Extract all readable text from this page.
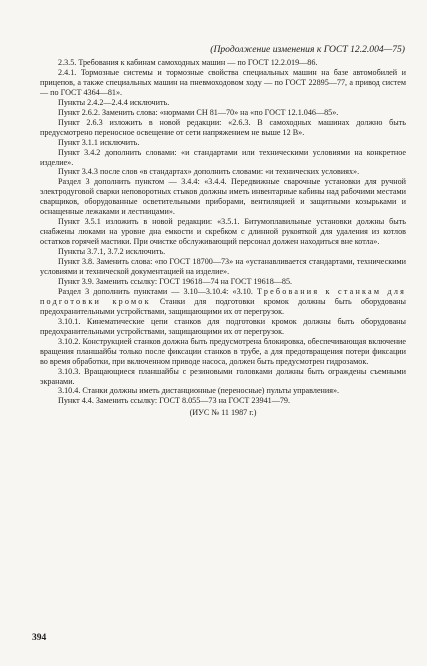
(Продолжение изменения к ГОСТ 12.2.004—75)

2.3.5. Требования к кабинам самоходных машин — по ГОСТ 12.2.019—86.

2.4.1. Тормозные системы и тормозные свойства специальных машин на базе автомобилей и прицепов, а также специальных машин на пневмоходовом ходу — по ГОСТ 22895—77, а привод систем — по ГОСТ 4364—81».

Пункты 2.4.2—2.4.4 исключить.

Пункт 2.6.2. Заменить слова: «нормами СН 81—70» на «по ГОСТ 12.1.046—85».

Пункт 2.6.3 изложить в новой редакции: «2.6.3. В самоходных машинах должно быть предусмотрено переносное освещение от сети напряжением не выше 12 В».

Пункт 3.1.1 исключить.

Пункт 3.4.2 дополнить словами: «и стандартами или техническими условиями на конкретное изделие».

Пункт 3.4.3 после слов «в стандартах» дополнить словами: «и технических условиях».

Раздел 3 дополнить пунктом — 3.4.4: «3.4.4. Передвижные сварочные установки для ручной электродуговой сварки неповоротных стыков должны иметь инвентарные кабины над рабочими местами сварщиков, оборудованные осветительными приборами, вентиляцией и защитными козырьками и оснащенные лежаками и лестницами».

Пункт 3.5.1 изложить в новой редакции: «3.5.1. Битумоплавильные установки должны быть снабжены люками на уровне дна емкости и скребком с длинной рукояткой для удаления из котлов остатков горячей мастики. При очистке обслуживающий персонал должен находиться вне котла».

Пункты 3.7.1, 3.7.2 исключить.

Пункт 3.8. Заменить слова: «по ГОСТ 18700—73» на «устанавливается стандартами, техническими условиями и технической документацией на изделие».

Пункт 3.9. Заменить ссылку: ГОСТ 19618—74 на ГОСТ 19618—85.

Раздел 3 дополнить пунктами — 3.10—3.10.4: «3.10. Требования к станкам для подготовки кромок Станки для подготовки кромок должны быть оборудованы предохранительными устройствами, защищающими их от перегрузок.

3.10.1. Кинематические цепи станков для подготовки кромок должны быть оборудованы предохранительными устройствами, защищающими их от перегрузок.

3.10.2. Конструкцией станков должна быть предусмотрена блокировка, обеспечивающая включение вращения планшайбы только после фиксации станков в трубе, а для предотвращения потери фиксации во время обработки, при включенном приводе насоса, должен быть предусмотрен гидрозамок.

3.10.3. Вращающиеся планшайбы с резиновыми головками должны быть ограждены съемными экранами.

3.10.4. Станки должны иметь дистанционные (переносные) пульты управления».

Пункт 4.4. Заменить ссылку: ГОСТ 8.055—73 на ГОСТ 23941—79.

(ИУС № 11 1987 г.)

394
